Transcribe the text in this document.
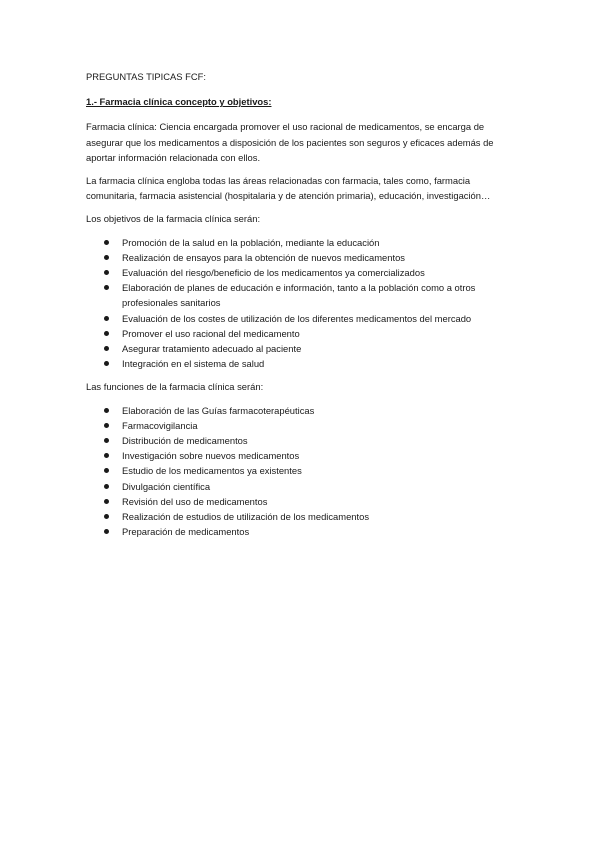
PREGUNTAS TIPICAS FCF:
1.- Farmacia clínica concepto y objetivos:

Farmacia clínica: Ciencia encargada promover el uso racional de medicamentos, se encarga de asegurar que los medicamentos a disposición de los pacientes son seguros y eficaces además de aportar información relacionada con ellos.

La farmacia clínica engloba todas las áreas relacionadas con farmacia, tales como, farmacia comunitaria, farmacia asistencial (hospitalaria y de atención primaria), educación, investigación…

Los objetivos de la farmacia clínica serán:

Promoción de la salud en la población, mediante la educación
Realización de ensayos para la obtención de nuevos medicamentos
Evaluación del riesgo/beneficio de los medicamentos ya comercializados
Elaboración de planes de educación e información, tanto a la población como a otros profesionales sanitarios
Evaluación de los costes de utilización de los diferentes medicamentos del mercado
Promover el uso racional del medicamento
Asegurar tratamiento adecuado al paciente
Integración en el sistema de salud

Las funciones de la farmacia clínica serán:

Elaboración de las Guías farmacoterapéuticas
Farmacovigilancia
Distribución de medicamentos
Investigación sobre nuevos medicamentos
Estudio de los medicamentos ya existentes
Divulgación científica
Revisión del uso de medicamentos
Realización de estudios de utilización de los medicamentos
Preparación de medicamentos
